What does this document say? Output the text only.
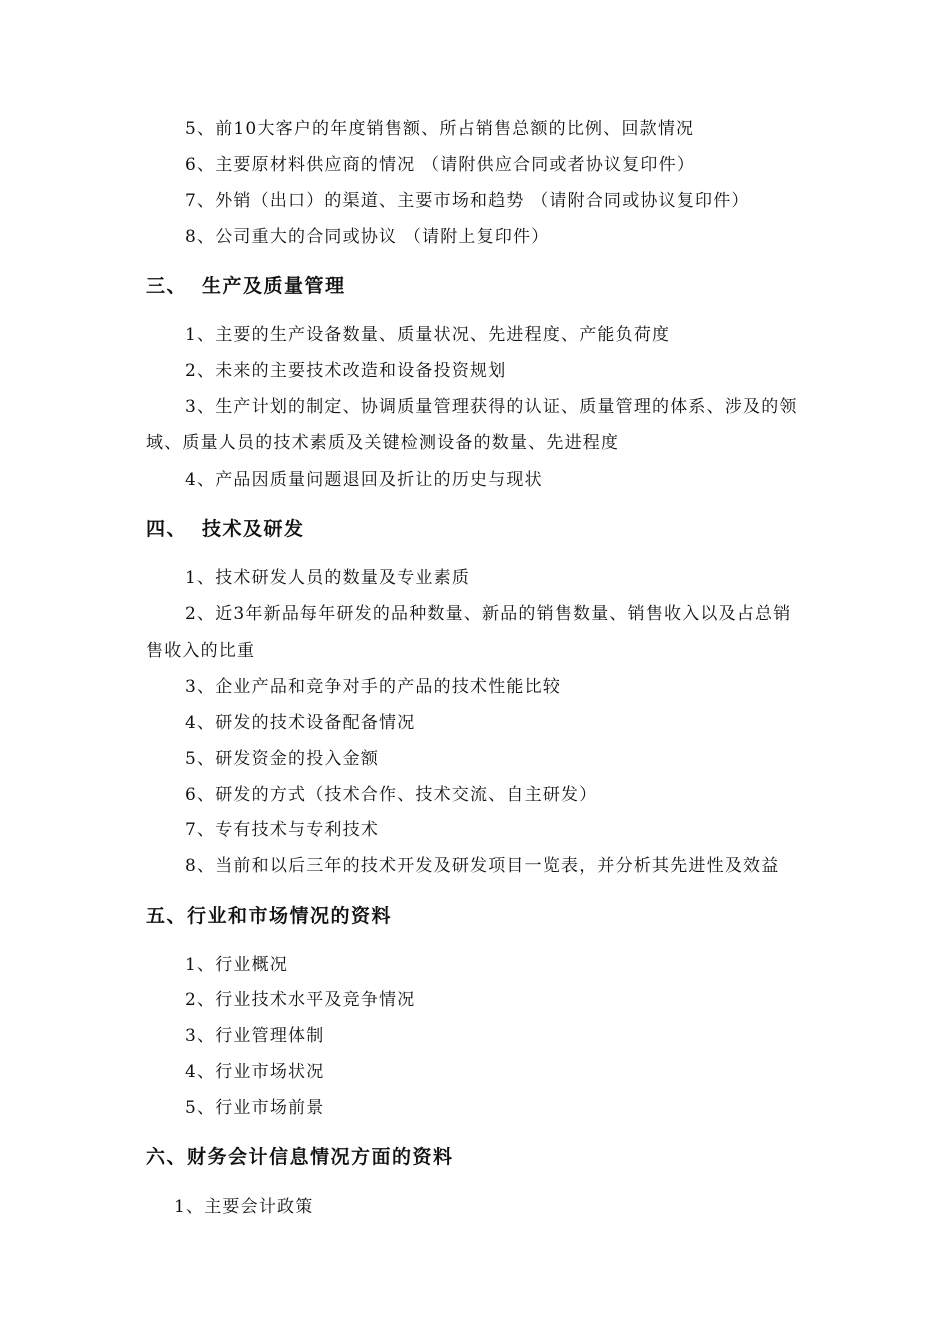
5、前10大客户的年度销售额、所占销售总额的比例、回款情况
6、主要原材料供应商的情况 （请附供应合同或者协议复印件）
7、外销（出口）的渠道、主要市场和趋势 （请附合同或协议复印件）
8、公司重大的合同或协议 （请附上复印件）
三、 生产及质量管理
1、主要的生产设备数量、质量状况、先进程度、产能负荷度
2、未来的主要技术改造和设备投资规划
3、生产计划的制定、协调质量管理获得的认证、质量管理的体系、涉及的领
域、质量人员的技术素质及关键检测设备的数量、先进程度
4、产品因质量问题退回及折让的历史与现状
四、 技术及研发
1、技术研发人员的数量及专业素质
2、近3年新品每年研发的品种数量、新品的销售数量、销售收入以及占总销
售收入的比重
3、企业产品和竞争对手的产品的技术性能比较
4、研发的技术设备配备情况
5、研发资金的投入金额
6、研发的方式（技术合作、技术交流、自主研发）
7、专有技术与专利技术
8、当前和以后三年的技术开发及研发项目一览表，并分析其先进性及效益
五、行业和市场情况的资料
1、行业概况
2、行业技术水平及竞争情况
3、行业管理体制
4、行业市场状况
5、行业市场前景
六、财务会计信息情况方面的资料
1、主要会计政策
